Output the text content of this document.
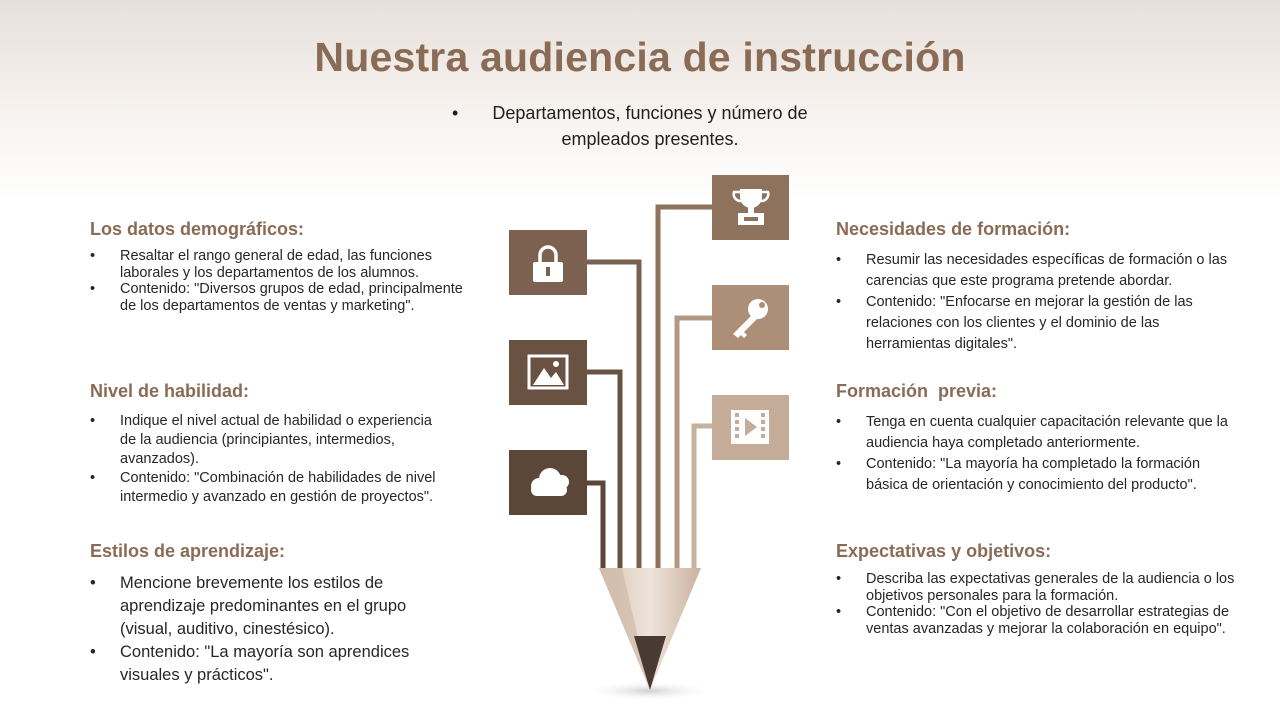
Nuestra audiencia de instrucción
•	Departamentos, funciones y número de empleados presentes.
Los datos demográficos:
• Resaltar el rango general de edad, las funciones laborales y los departamentos de los alumnos.
• Contenido: "Diversos grupos de edad, principalmente de los departamentos de ventas y marketing".
Nivel de habilidad:
• Indique el nivel actual de habilidad o experiencia de la audiencia (principiantes, intermedios, avanzados).
• Contenido: "Combinación de habilidades de nivel intermedio y avanzado en gestión de proyectos".
Estilos de aprendizaje:
• Mencione brevemente los estilos de aprendizaje predominantes en el grupo (visual, auditivo, cinestésico).
• Contenido: "La mayoría son aprendices visuales y prácticos".
Necesidades de formación:
• Resumir las necesidades específicas de formación o las carencias que este programa pretende abordar.
• Contenido: "Enfocarse en mejorar la gestión de las relaciones con los clientes y el dominio de las herramientas digitales".
Formación  previa:
• Tenga en cuenta cualquier capacitación relevante que la audiencia haya completado anteriormente.
• Contenido: "La mayoría ha completado la formación básica de orientación y conocimiento del producto".
Expectativas y objetivos:
• Describa las expectativas generales de la audiencia o los objetivos personales para la formación.
• Contenido: "Con el objetivo de desarrollar estrategias de ventas avanzadas y mejorar la colaboración en equipo".
